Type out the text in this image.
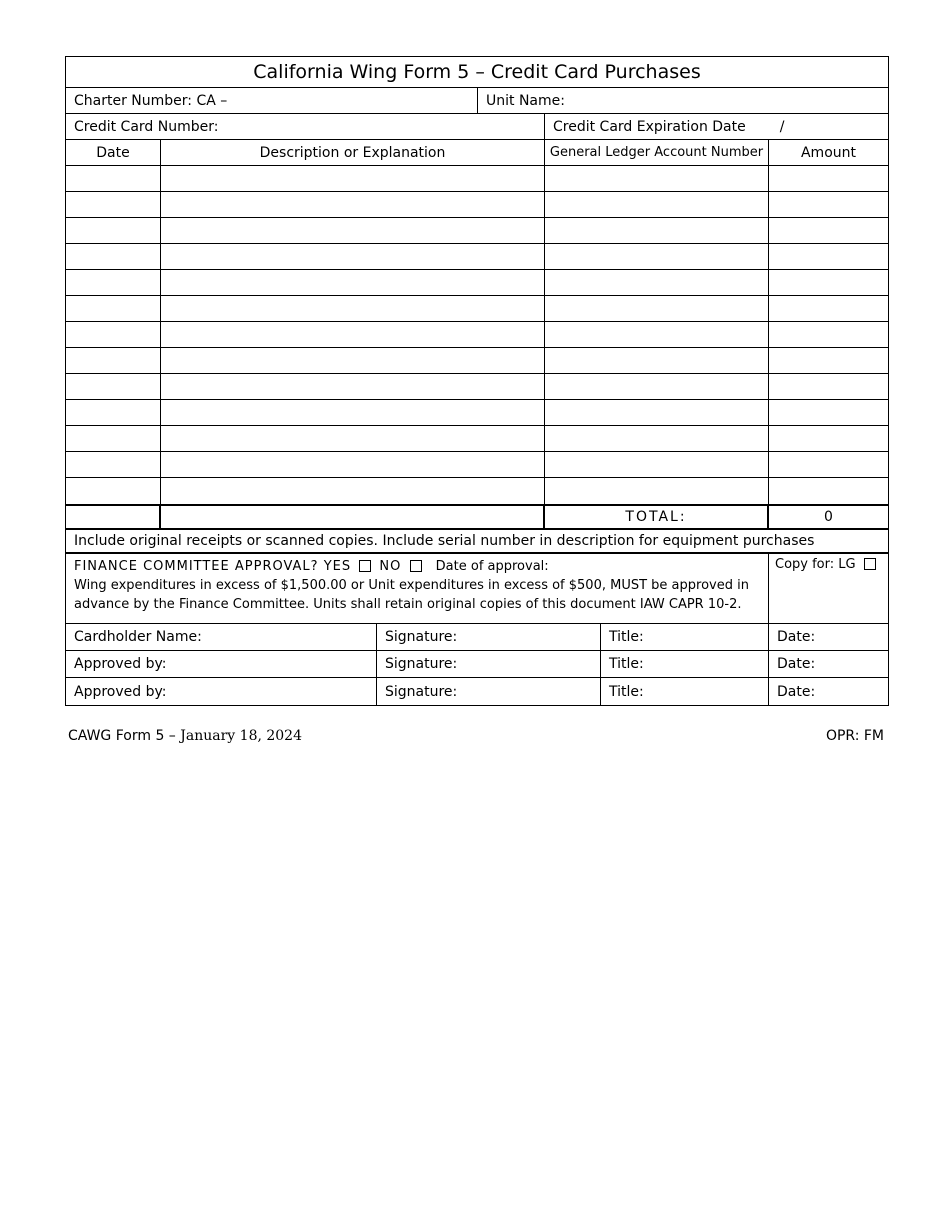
California Wing Form 5 – Credit Card Purchases
Charter Number: CA –	Unit Name:
Credit Card Number:	Credit Card Expiration Date /
Date	Description or Explanation	General Ledger Account Number	Amount
TOTAL:	0
Include original receipts or scanned copies. Include serial number in description for equipment purchases
FINANCE COMMITTEE APPROVAL? YES NO	Date of approval:
Wing expenditures in excess of $1,500.00 or Unit expenditures in excess of $500, MUST be approved in
advance by the Finance Committee. Units shall retain original copies of this document IAW CAPR 10-2.
Copy for: LG
Cardholder Name:	Signature:	Title:	Date:
Approved by:	Signature:	Title:	Date:
Approved by:	Signature:	Title:	Date:
CAWG Form 5 – January 18, 2024	OPR: FM
